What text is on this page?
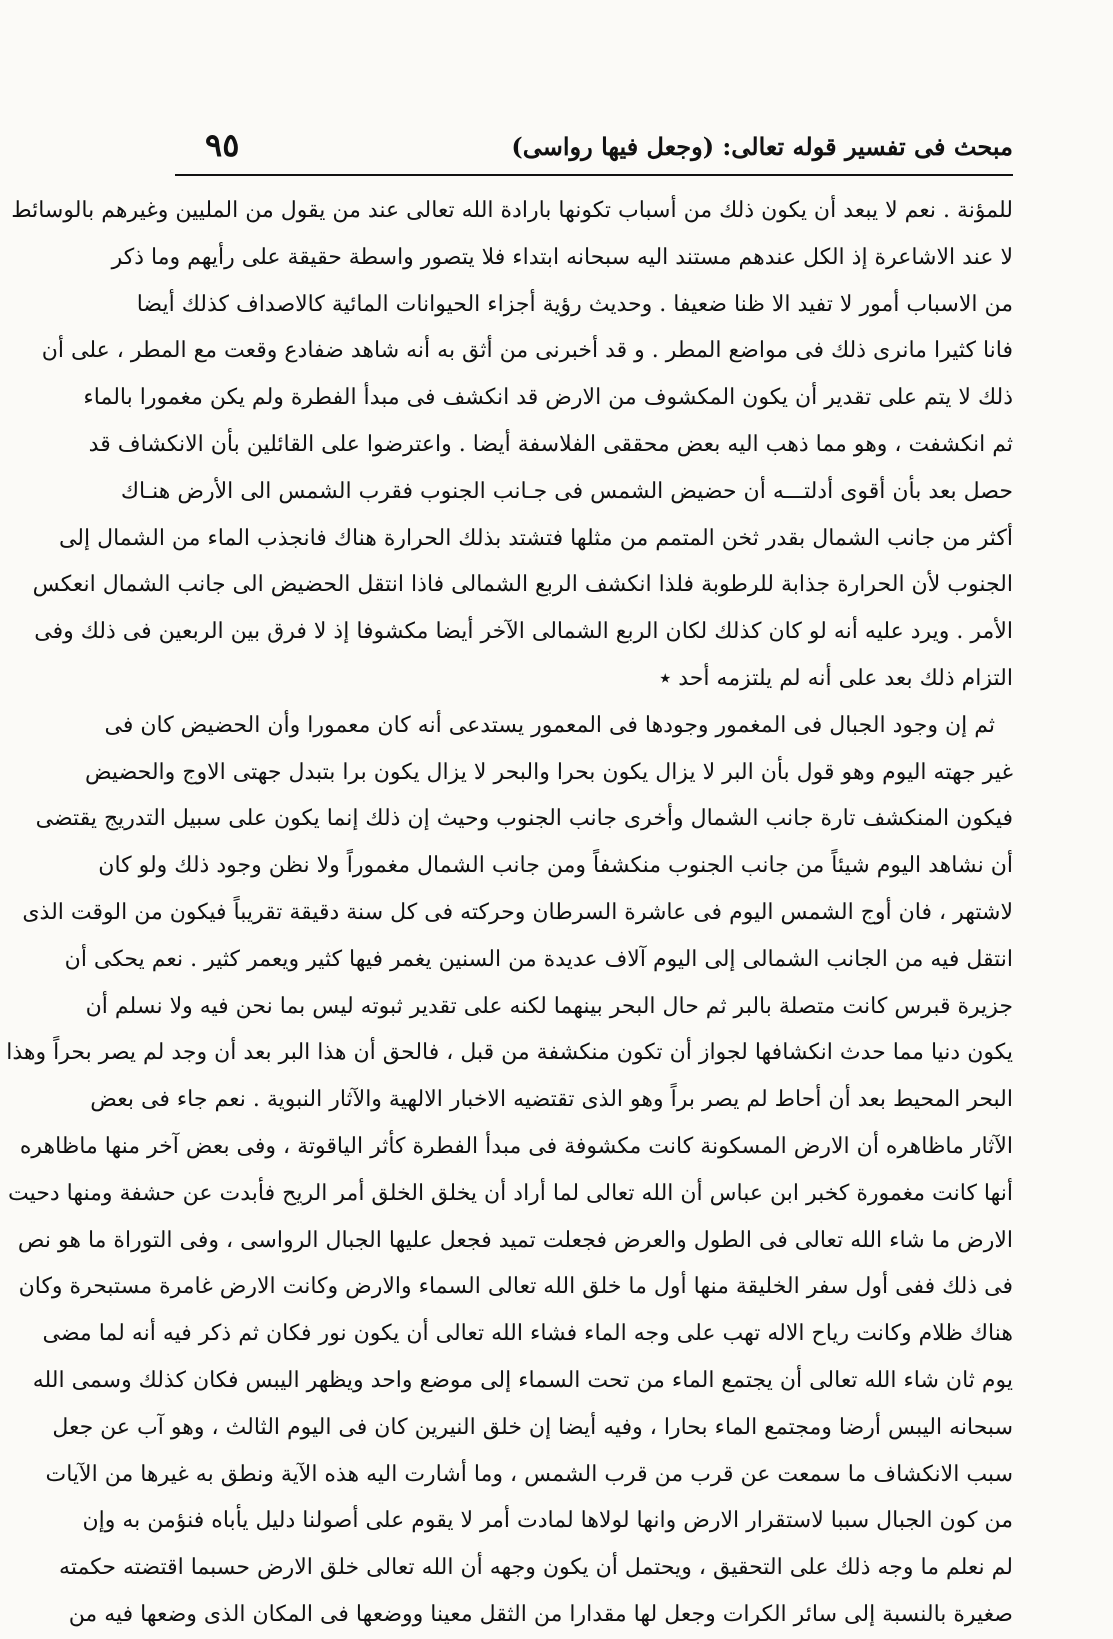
٩٥	مبحث فى تفسير قوله تعالى: (وجعل فيها رواسى)
للمؤنة . نعم لا يبعد أن يكون ذلك من أسباب تكونها بارادة الله تعالى عند من يقول من المليين وغيرهم بالوسائط
لا عند الاشاعرة إذ الكل عندهم مستند اليه سبحانه ابتداء فلا يتصور واسطة حقيقة على رأيهم وما ذكر
من الاسباب أمور لا تفيد الا ظنا ضعيفا . وحديث رؤية أجزاء الحيوانات المائية كالاصداف كذلك أيضا
فانا كثيرا مانرى ذلك فى مواضع المطر . و قد أخبرنى من أثق به أنه شاهد ضفادع وقعت مع المطر ، على أن
ذلك لا يتم على تقدير أن يكون المكشوف من الارض قد انكشف فى مبدأ الفطرة ولم يكن مغمورا بالماء
ثم انكشفت ، وهو مما ذهب اليه بعض محققى الفلاسفة أيضا . واعترضوا على القائلين بأن الانكشاف قد
حصل بعد بأن أقوى أدلتـــه أن حضيض الشمس فى جـانب الجنوب فقرب الشمس الى الأرض هنـاك
أكثر من جانب الشمال بقدر ثخن المتمم من مثلها فتشتد بذلك الحرارة هناك فانجذب الماء من الشمال إلى
الجنوب لأن الحرارة جذابة للرطوبة فلذا انكشف الربع الشمالى فاذا انتقل الحضيض الى جانب الشمال انعكس
الأمر . ويرد عليه أنه لو كان كذلك لكان الربع الشمالى الآخر أيضا مكشوفا إذ لا فرق بين الربعين فى ذلك وفى
التزام ذلك بعد على أنه لم يلتزمه أحد ٭
ثم إن وجود الجبال فى المغمور وجودها فى المعمور يستدعى أنه كان معمورا وأن الحضيض كان فى
غير جهته اليوم وهو قول بأن البر لا يزال يكون بحرا والبحر لا يزال يكون برا بتبدل جهتى الاوج والحضيض
فيكون المنكشف تارة جانب الشمال وأخرى جانب الجنوب وحيث إن ذلك إنما يكون على سبيل التدريج يقتضى
أن نشاهد اليوم شيئاً من جانب الجنوب منكشفاً ومن جانب الشمال مغموراً ولا نظن وجود ذلك ولو كان
لاشتهر ، فان أوج الشمس اليوم فى عاشرة السرطان وحركته فى كل سنة دقيقة تقريباً فيكون من الوقت الذى
انتقل فيه من الجانب الشمالى إلى اليوم آلاف عديدة من السنين يغمر فيها كثير ويعمر كثير . نعم يحكى أن
جزيرة قبرس كانت متصلة بالبر ثم حال البحر بينهما لكنه على تقدير ثبوته ليس بما نحن فيه ولا نسلم أن
يكون دنيا مما حدث انكشافها لجواز أن تكون منكشفة من قبل ، فالحق أن هذا البر بعد أن وجد لم يصر بحراً وهذا
البحر المحيط بعد أن أحاط لم يصر براً وهو الذى تقتضيه الاخبار الالهية والآثار النبوية . نعم جاء فى بعض
الآثار ماظاهره أن الارض المسكونة كانت مكشوفة فى مبدأ الفطرة كأثر الياقوتة ، وفى بعض آخر منها ماظاهره
أنها كانت مغمورة كخبر ابن عباس أن الله تعالى لما أراد أن يخلق الخلق أمر الريح فأبدت عن حشفة ومنها دحيت
الارض ما شاء الله تعالى فى الطول والعرض فجعلت تميد فجعل عليها الجبال الرواسى ، وفى التوراة ما هو نص
فى ذلك ففى أول سفر الخليقة منها أول ما خلق الله تعالى السماء والارض وكانت الارض غامرة مستبحرة وكان
هناك ظلام وكانت رياح الاله تهب على وجه الماء فشاء الله تعالى أن يكون نور فكان ثم ذكر فيه أنه لما مضى
يوم ثان شاء الله تعالى أن يجتمع الماء من تحت السماء إلى موضع واحد ويظهر اليبس فكان كذلك وسمى الله
سبحانه اليبس أرضا ومجتمع الماء بحارا ، وفيه أيضا إن خلق النيرين كان فى اليوم الثالث ، وهو آب عن جعل
سبب الانكشاف ما سمعت عن قرب من قرب الشمس ، وما أشارت اليه هذه الآية ونطق به غيرها من الآيات
من كون الجبال سببا لاستقرار الارض وانها لولاها لمادت أمر لا يقوم على أصولنا دليل يأباه فنؤمن به وإن
لم نعلم ما وجه ذلك على التحقيق ، ويحتمل أن يكون وجهه أن الله تعالى خلق الارض حسبما اقتضته حكمته
صغيرة بالنسبة إلى سائر الكرات وجعل لها مقدارا من الثقل معينا ووضعها فى المكان الذى وضعها فيه من
